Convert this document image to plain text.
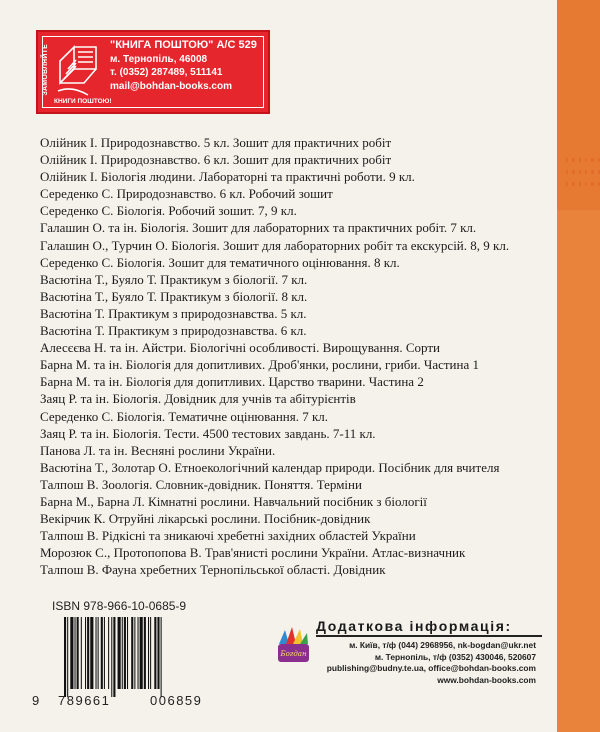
ЗАМОВЛЯЙТЕ
КНИГИ ПОШТОЮ!
"КНИГА ПОШТОЮ" А/С 529
м. Тернопіль, 46008
т. (0352) 287489, 511141
mail@bohdan-books.com
Олійник І. Природознавство. 5 кл. Зошит для практичних робіт
Олійник І. Природознавство. 6 кл. Зошит для практичних робіт
Олійник І. Біологія людини. Лабораторні та практичні роботи. 9 кл.
Середенко С. Природознавство. 6 кл. Робочий зошит
Середенко С. Біологія. Робочий зошит. 7, 9 кл.
Галашин О. та ін. Біологія. Зошит для лабораторних та практичних робіт. 7 кл.
Галашин О., Турчин О. Біологія. Зошит для лабораторних робіт та екскурсій. 8, 9 кл.
Середенко С. Біологія. Зошит для тематичного оцінювання. 8 кл.
Васютіна Т., Буяло Т. Практикум з біології. 7 кл.
Васютіна Т., Буяло Т. Практикум з біології. 8 кл.
Васютіна Т. Практикум з природознавства. 5 кл.
Васютіна Т. Практикум з природознавства. 6 кл.
Алесєєва Н. та ін. Айстри. Біологічні особливості. Вирощування. Сорти
Барна М. та ін. Біологія для допитливих. Дроб'янки, рослини, гриби. Частина 1
Барна М. та ін. Біологія для допитливих. Царство тварини. Частина 2
Заяц Р. та ін. Біологія. Довідник для учнів та абітурієнтів
Середенко С. Біологія. Тематичне оцінювання. 7 кл.
Заяц Р. та ін. Біологія. Тести. 4500 тестових завдань. 7-11 кл.
Панова Л. та ін. Весняні рослини України.
Васютіна Т., Золотар О. Етноекологічний календар природи. Посібник для вчителя
Талпош В. Зоологія. Словник-довідник. Поняття. Терміни
Барна М., Барна Л. Кімнатні рослини. Навчальний посібник з біології
Векірчик К. Отруйні лікарські рослини. Посібник-довідник
Талпош В. Рідкісні та зникаючі хребетні західних областей України
Морозюк С., Протопопова В. Трав'янисті рослини України. Атлас-визначник
Талпош В. Фауна хребетних Тернопільської області. Довідник
ISBN 978-966-10-0685-9
9 789661	006859
Богдан
Додаткова інформація:
м. Київ, т/ф (044) 2968956, nk-bogdan@ukr.net
м. Тернопіль, т/ф (0352) 430046, 520607
publishing@budny.te.ua, office@bohdan-books.com
www.bohdan-books.com
